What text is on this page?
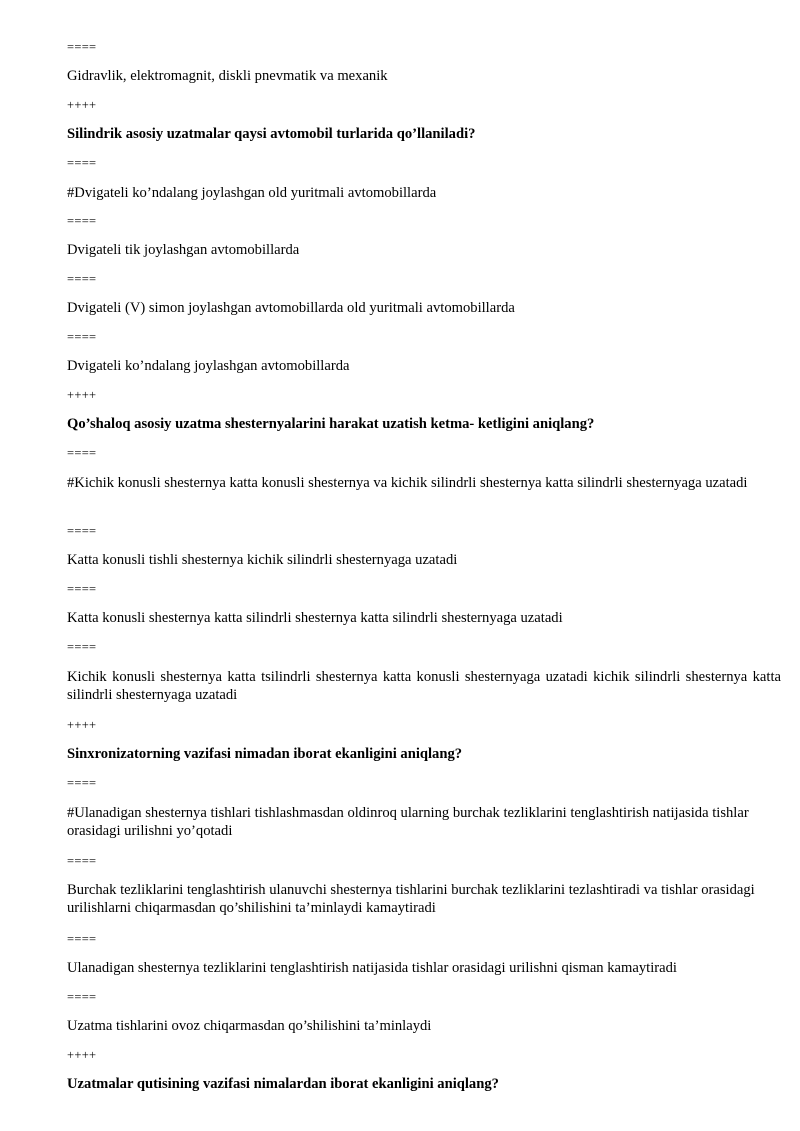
====
Gidravlik, elektromagnit, diskli pnevmatik va mexanik
++++
Silindrik asosiy uzatmalar qaysi avtomobil turlarida qo’llaniladi?
====
#Dvigateli ko’ndalang joylashgan old yuritmali avtomobillarda
====
Dvigateli tik joylashgan avtomobillarda
====
Dvigateli (V) simon joylashgan avtomobillarda old yuritmali avtomobillarda
====
Dvigateli ko’ndalang joylashgan avtomobillarda
++++
Qo’shaloq asosiy uzatma shesternyalarini harakat uzatish ketma- ketligini aniqlang?
====
#Kichik konusli shesternya katta konusli shesternya va kichik silindrli shesternya katta silindrli shesternyaga uzatadi
====
Katta konusli tishli shesternya kichik silindrli shesternyaga uzatadi
====
Katta konusli shesternya katta silindrli shesternya katta silindrli shesternyaga uzatadi
====
Kichik konusli shesternya katta tsilindrli shesternya katta konusli shesternyaga uzatadi kichik silindrli shesternya katta silindrli shesternyaga uzatadi
++++
Sinxronizatorning vazifasi nimadan iborat ekanligini aniqlang?
====
#Ulanadigan shesternya tishlari tishlashmasdan oldinroq ularning burchak tezliklarini tenglashtirish natijasida tishlar orasidagi urilishni yo’qotadi
====
Burchak tezliklarini tenglashtirish ulanuvchi shesternya tishlarini burchak tezliklarini tezlashtiradi va tishlar orasidagi urilishlarni chiqarmasdan qo’shilishini ta’minlaydi kamaytiradi
====
Ulanadigan shesternya tezliklarini tenglashtirish natijasida tishlar orasidagi urilishni qisman kamaytiradi
====
Uzatma tishlarini ovoz chiqarmasdan qo’shilishini ta’minlaydi
++++
Uzatmalar qutisining vazifasi nimalardan iborat ekanligini aniqlang?
